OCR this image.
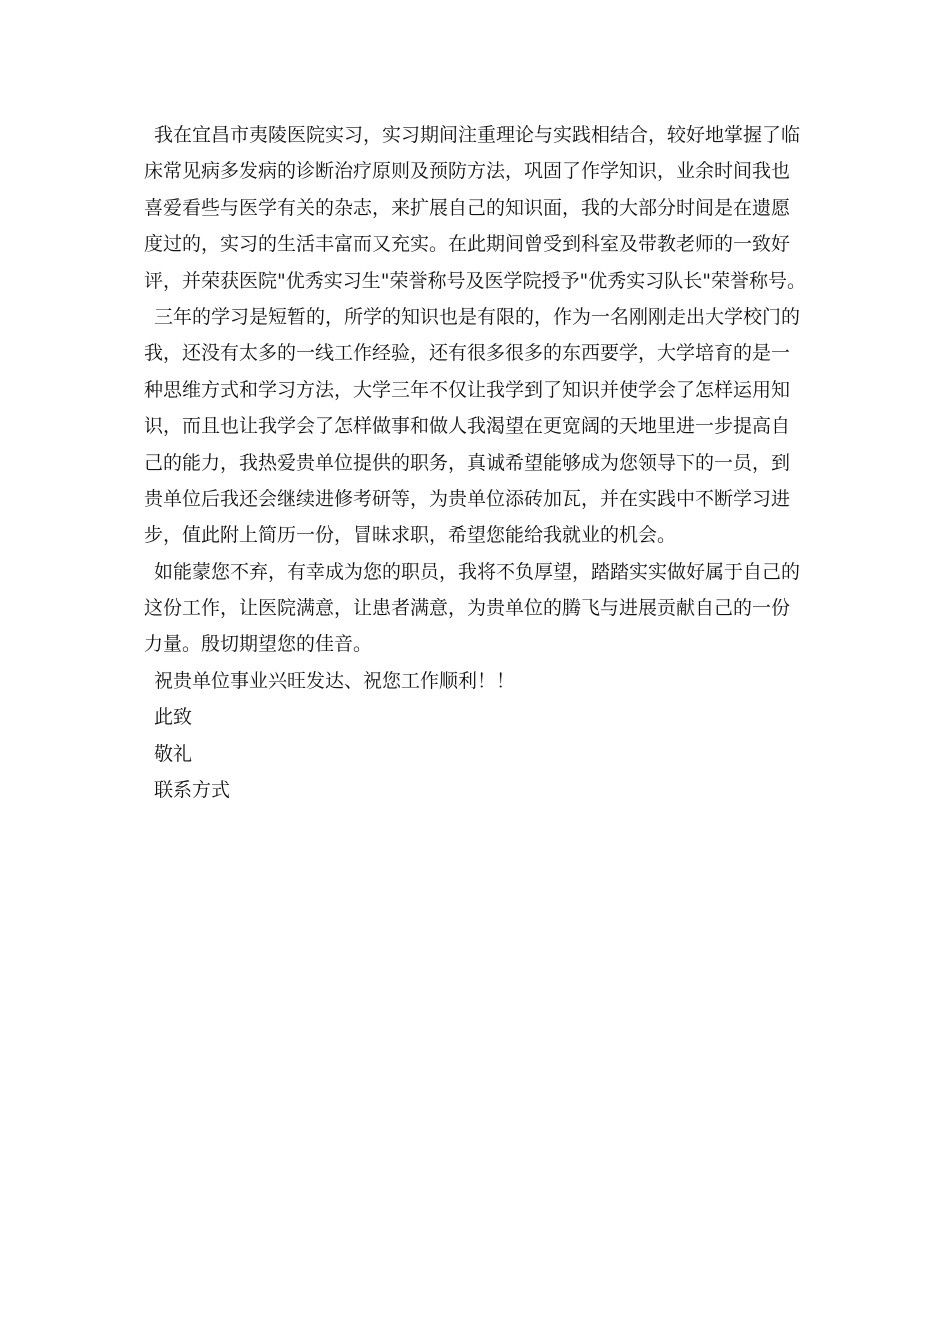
我在宜昌市夷陵医院实习，实习期间注重理论与实践相结合，较好地掌握了临
床常见病多发病的诊断治疗原则及预防方法，巩固了作学知识，业余时间我也
喜爱看些与医学有关的杂志，来扩展自己的知识面，我的大部分时间是在遗愿
度过的，实习的生活丰富而又充实。在此期间曾受到科室及带教老师的一致好
评，并荣获医院"优秀实习生"荣誉称号及医学院授予"优秀实习队长"荣誉称号。
三年的学习是短暂的，所学的知识也是有限的，作为一名刚刚走出大学校门的
我，还没有太多的一线工作经验，还有很多很多的东西要学，大学培育的是一
种思维方式和学习方法，大学三年不仅让我学到了知识并使学会了怎样运用知
识，而且也让我学会了怎样做事和做人我渴望在更宽阔的天地里进一步提高自
己的能力，我热爱贵单位提供的职务，真诚希望能够成为您领导下的一员，到
贵单位后我还会继续进修考研等，为贵单位添砖加瓦，并在实践中不断学习进
步，值此附上简历一份，冒昧求职，希望您能给我就业的机会。
如能蒙您不弃，有幸成为您的职员，我将不负厚望，踏踏实实做好属于自己的
这份工作，让医院满意，让患者满意，为贵单位的腾飞与进展贡献自己的一份
力量。殷切期望您的佳音。
祝贵单位事业兴旺发达、祝您工作顺利！！
此致
敬礼
联系方式
